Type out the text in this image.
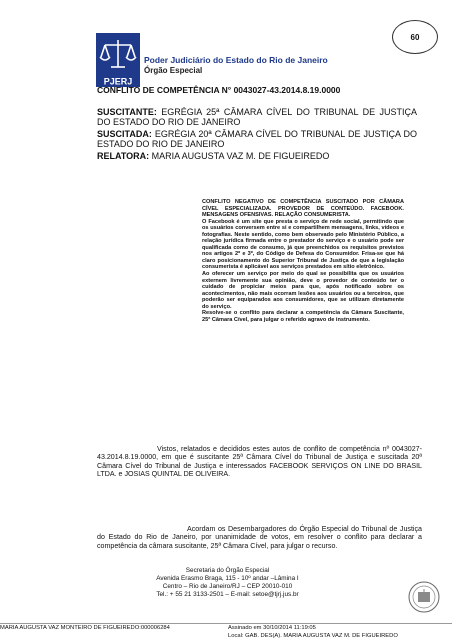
PJERJ
Poder Judiciário do Estado do Rio de Janeiro
Órgão Especial
60
CONFLITO DE COMPETÊNCIA N° 0043027-43.2014.8.19.0000
SUSCITANTE: EGRÉGIA 25ª CÂMARA CÍVEL DO TRIBUNAL DE JUSTIÇA DO ESTADO DO RIO DE JANEIRO
SUSCITADA: EGRÉGIA 20ª CÂMARA CÍVEL DO TRIBUNAL DE JUSTIÇA DO ESTADO DO RIO DE JANEIRO
RELATORA: MARIA AUGUSTA VAZ M. DE FIGUEIREDO

CONFLITO NEGATIVO DE COMPETÊNCIA SUSCITADO POR CÂMARA CÍVEL ESPECIALIZADA. PROVEDOR DE CONTEÚDO. FACEBOOK. MENSAGENS OFENSIVAS. RELAÇÃO CONSUMERISTA.

O Facebook é um site que presta o serviço de rede social, permitindo que os usuários conversem entre si e compartilhem mensagens, links, vídeos e fotografias. Neste sentido, como bem observado pelo Ministério Público, a relação jurídica firmada entre o prestador do serviço e o usuário pode ser qualificada como de consumo, já que preenchidos os requisitos previstos nos artigos 2º e 3º, do Código de Defesa do Consumidor. Frisa-se que há claro posicionamento do Superior Tribunal de Justiça de que a legislação consumerista é aplicável aos serviços prestados em sítio eletrônico.

Ao oferecer um serviço por meio do qual se possibilita que os usuários externem livremente sua opinião, deve o provedor de conteúdo ter o cuidado de propiciar meios para que, após notificado sobre os acontecimentos, não mais ocorram lesões aos usuários ou a terceiros, que poderão ser equiparados aos consumidores, que se utilizam diretamente do serviço.

Resolve-se o conflito para declarar a competência da Câmara Suscitante, 25ª Câmara Cível, para julgar o referido agravo de instrumento.

Vistos, relatados e decididos estes autos de conflito de competência nº 0043027-43.2014.8.19.0000, em que é suscitante 25ª Câmara Cível do Tribunal de Justiça e suscitada 20ª Câmara Cível do Tribunal de Justiça e interessados FACEBOOK SERVIÇOS ON LINE DO BRASIL LTDA. e JOSIAS QUINTAL DE OLIVEIRA.
Acordam os Desembargadores do Órgão Especial do Tribunal de Justiça do Estado do Rio de Janeiro, por unanimidade de votos, em resolver o conflito para declarar a competência da câmara suscitante, 25ª Câmara Cível, para julgar o recurso.
Secretaria do Órgão Especial
Avenida Erasmo Braga, 115 - 10º andar –Lâmina I
Centro – Rio de Janeiro/RJ – CEP 20010-010
Tel.: + 55 21 3133-2501 – E-mail: setoe@tjrj.jus.br
MARIA AUGUSTA VAZ MONTEIRO DE FIGUEIREDO:000006284	Assinado em 30/10/2014 11:19:05
Local: GAB. DES(A). MARIA AUGUSTA VAZ M. DE FIGUEIREDO
